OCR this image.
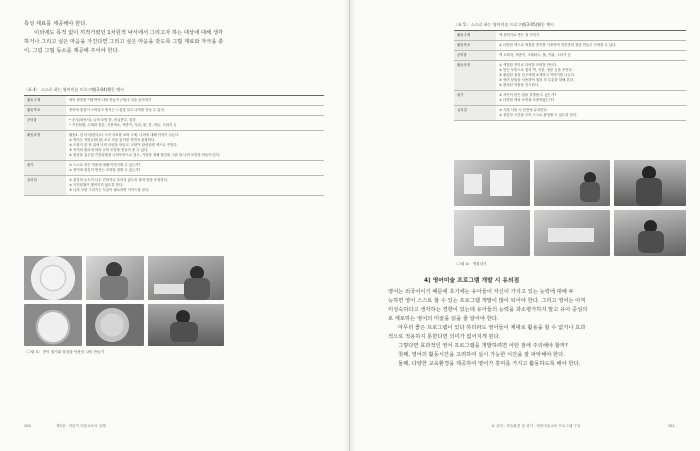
특성 재료를 제공해야 한다.

이외에도 목적 없이 끼적거렸던 1차원적 낙서에서 그리고자 하는 대상에 대해 생각

하거나 그리고 싶은 마음을 가진다면 그리고 싶은 마음을 갖도록 그릴 재료와 자극을 충

이, 그림 그릴 동소를 제공해 주어야 한다.

〈표 4〉 스스로 하는 영어미술 프로그램(3-04)활동 예시
활동주제	영어 낱말을 이용하여 나비 만들기 (이)나 미술 놀이하기

활동목표	종이에 물감이 스며들고 번지는 느낌을 알고 나비를 만들 수 있다.

준비물	• 순지(화선지), 나비 모양 틀, 비닐봉투, 물감
• 키친타월, 수채화 물감, 식용색소, 색종이, 가위, 풀, 붓, 비늘, 도화지 등

활동과정	활동1. 한 더미(한다)나 시각 자료를 보며 주제, 나비에 대해 이야기 나눈다.
① 영어는 자연(나비)을 보고 미술 놀이를 하면서 관찰한다.
② 도화지 한 장 위에 나비 모양을 만들고, 모양이 완성되면 색으로 꾸민다.
③ 자석의 원리에 따라 나비 모양을 만들어 볼 수 있다.
④ 물감을 흡수한 키친타월을 나비모양으로 접고, 기한을 정해 물감을 그림 내 나비 모양을 만들어 본다.

평가	① 스스로 만든 작품에 대해 이야기할 수 있는가?
② 종이에 물감이 번지는 모양을 말할 수 있는가?

유의점	① 물감의 농도가 너무 진하거나 흐리지 않도록 물의 양을 조절한다.
② 키친타월이 찢어지지 않도록 한다.
③ 나비 모양 그리기는 도움이 필요하면 가이드를 준다.
〈그림 3〉 종이 접기와 물감을 이용한 나비 만들기
280	제3장 · 어린이 미술교육의 실제
〈표 5〉 스스로 하는 영어미술 프로그램(3-05)활동 예시
활동주제	색 칠하기로 만든 집 꾸미기

활동목표	① 다양한 색으로 색칠한 종이를 사용하여 자신만의 집을 만들고 꾸며볼 수 있다.

준비물	색 도화지, 색종이, 크레파스, 풀, 가위, 스티커 등

활동과정	① 색칠한 종이로 다양한 모양을 만든다.
② 만든 모양으로 집의 벽, 지붕, 창문 등을 꾸민다.
③ 완성된 집을 친구에게 소개하고 이야기를 나눈다.
④ 영어 낱말을 사용하여 집의 각 부분을 말해 본다.
⑤ 완성된 작품을 전시한다.

평가	① 자신이 만든 집을 설명할 수 있는가?
② 다양한 색과 모양을 사용하였는가?

유의점	① 가위 사용 시 안전에 유의한다.
② 충분한 시간을 주어 스스로 완성할 수 있도록 한다.
〈그림 4〉 색칠하기
Ⅱ. 유아 · 학습환경 및 평가 · 영어미술교육 프로그램 구성	281
4) 영어미술 프로그램 개발 시 유의점

영어는 외국어이기 때문에 초기에는 유아들이 자신이 가지고 있는 능력에 대해 두

능하면 영어 스스로 할 수 있는 프로그램 개발이 많이 되어야 한다. 그리고 영어는 아직

미성숙하다고 생각하는 경향이 있는데 유아들의 능력을 과소평가하지 말고 유아 중심의

로 계로하는 영어의 미술을 읽을 줄 알아야 한다.

아무리 좋은 프로그램이 있다 하더라도 영어들이 제대로 활용을 할 수 없거나 효과

적으로 적용하지 못한다면 의미가 없어지게 된다.

그렇다면 효과적인 영어 프로그램을 개발하려면 어떤 점에 주의해야 할까?

첫째, 영어의 활동시간을 고려하여 실시 가능한 시간을 잘 파악해야 한다.

둘째, 다양한 교육환경을 제공하여 영어가 흥미를 가지고 활동하도록 해야 한다.
